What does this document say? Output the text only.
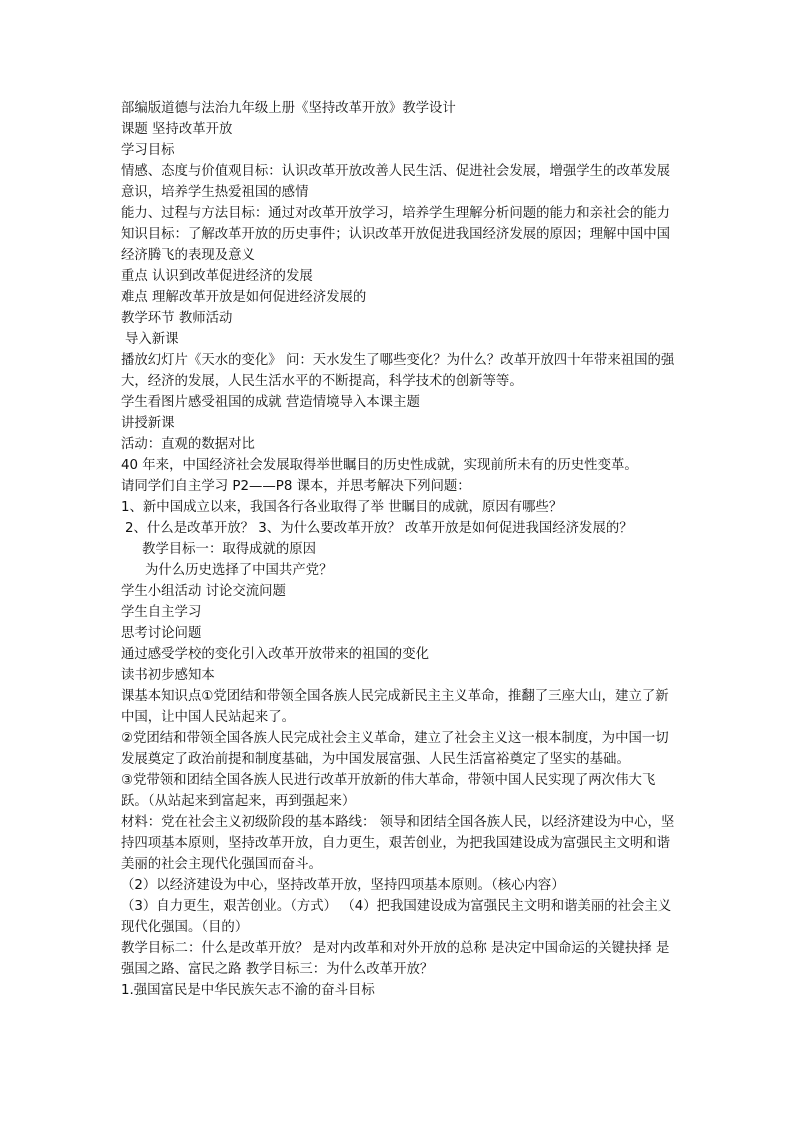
部编版道德与法治九年级上册《坚持改革开放》教学设计

课题 坚持改革开放

学习目标

情感、态度与价值观目标：认识改革开放改善人民生活、促进社会发展，增强学生的改革发展意识，培养学生热爱祖国的感情

能力、过程与方法目标：通过对改革开放学习，培养学生理解分析问题的能力和亲社会的能力

知识目标：了解改革开放的历史事件；认识改革开放促进我国经济发展的原因；理解中国中国经济腾飞的表现及意义

重点 认识到改革促进经济的发展

难点 理解改革开放是如何促进经济发展的

教学环节 教师活动

导入新课

播放幻灯片《天水的变化》 问：天水发生了哪些变化？为什么？改革开放四十年带来祖国的强大，经济的发展，人民生活水平的不断提高，科学技术的创新等等。

学生看图片感受祖国的成就 营造情境导入本课主题

讲授新课

活动：直观的数据对比

40 年来，中国经济社会发展取得举世瞩目的历史性成就，实现前所未有的历史性变革。

请同学们自主学习 P2——P8 课本，并思考解决下列问题：

1、新中国成立以来，我国各行各业取得了举 世瞩目的成就，原因有哪些？

2、什么是改革开放？ 3、为什么要改革开放？ 改革开放是如何促进我国经济发展的？

教学目标一：取得成就的原因

为什么历史选择了中国共产党？

学生小组活动 讨论交流问题

学生自主学习

思考讨论问题

通过感受学校的变化引入改革开放带来的祖国的变化

读书初步感知本

课基本知识点①党团结和带领全国各族人民完成新民主主义革命，推翻了三座大山，建立了新中国，让中国人民站起来了。

②党团结和带领全国各族人民完成社会主义革命，建立了社会主义这一根本制度，为中国一切发展奠定了政治前提和制度基础，为中国发展富强、人民生活富裕奠定了坚实的基础。

③党带领和团结全国各族人民进行改革开放新的伟大革命，带领中国人民实现了两次伟大飞跃。（从站起来到富起来，再到强起来）

材料：党在社会主义初级阶段的基本路线： 领导和团结全国各族人民，以经济建设为中心，坚持四项基本原则，坚持改革开放，自力更生，艰苦创业，为把我国建设成为富强民主文明和谐美丽的社会主现代化强国而奋斗。

（2）以经济建设为中心，坚持改革开放，坚持四项基本原则。（核心内容）

（3）自力更生，艰苦创业。（方式） （4）把我国建设成为富强民主文明和谐美丽的社会主义现代化强国。（目的）

教学目标二：什么是改革开放？ 是对内改革和对外开放的总称 是决定中国命运的关键抉择 是强国之路、富民之路 教学目标三：为什么改革开放？

1.强国富民是中华民族矢志不渝的奋斗目标
